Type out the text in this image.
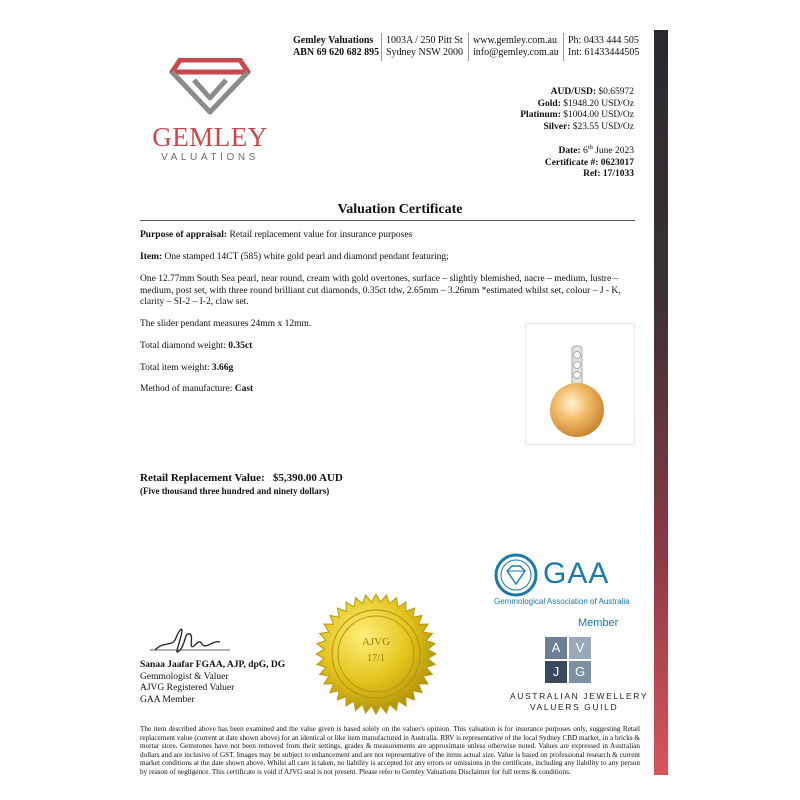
Gemley Valuations
ABN 69 620 682 895
1003A / 250 Pitt St
Sydney NSW 2000
www.gemley.com.au
info@gemley.com.au
Ph: 0433 444 505
Int: 61433444505
GEMLEY
VALUATIONS
AUD/USD: $0.65972
Gold: $1948.20 USD/Oz
Platinum: $1004.00 USD/Oz
Silver: $23.55 USD/Oz
Date: 6th June 2023
Certificate #: 0623017
Ref: 17/1033
Valuation Certificate
Purpose of appraisal: Retail replacement value for insurance purposes
Item: One stamped 14CT (585) white gold pearl and diamond pendant featuring;
One 12.77mm South Sea pearl, near round, cream with gold overtones, surface – slightly blemished, nacre – medium, lustre – medium, post set, with three round brilliant cut diamonds, 0.35ct tdw, 2.65mm – 3.26mm *estimated whilst set, colour – J - K, clarity – SI-2 – I-2, claw set.
The slider pendant measures 24mm x 12mm.
Total diamond weight: 0.35ct
Total item weight: 3.66g
Method of manufacture: Cast
Retail Replacement Value: $5,390.00 AUD
(Five thousand three hundred and ninety dollars)
Sanaa Jaafar FGAA, AJP, dpG, DG
Gemmologist & Valuer
AJVG Registered Valuer
GAA Member
AJVG
17/1
GAA
Gemmological Association of Australia
Member
A	V
J	G
AUSTRALIAN JEWELLERY
VALUERS GUILD
The item described above has been examined and the value given is based solely on the valuer's opinion. This valuation is for insurance purposes only, suggesting Retail replacement value (current at date shown above) for an identical or like item manufactured in Australia. RRV is representative of the local Sydney CBD market, in a bricks & mortar store. Gemstones have not been removed from their settings, grades & measurements are approximate unless otherwise noted. Values are expressed in Australian dollars and are inclusive of GST. Images may be subject to enhancement and are not representative of the items actual size. Value is based on professional research & current market conditions at the date shown above. Whilst all care is taken, no liability is accepted for any errors or omissions in the certificate, including any liability to any person by reason of negligence. This certificate is void if AJVG seal is not present. Please refer to Gemley Valuations Disclaimer for full terms & conditions.
